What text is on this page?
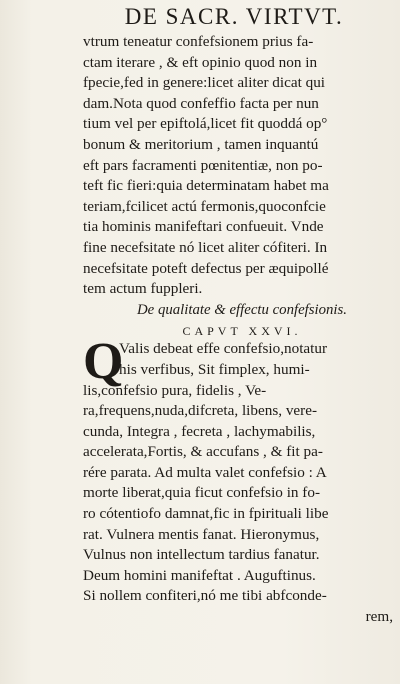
DE SACR. VIRTVT.
vtrum teneatur confefsionem prius fa-
ctam iterare , & eft opinio quod non in
fpecie,fed in genere:licet aliter dicat qui
dam.Nota quod confeffio facta per nun
tium vel per epiftolá,licet fit quoddá op°
bonum & meritorium , tamen inquantú
eft pars facramenti pœnitentiæ, non po-
teft fic fieri:quia determinatam habet ma
teriam,fcilicet actú fermonis,quoconfcie
tia hominis manifeftari confueuit. Vnde
fine necefsitate nó licet aliter cófiteri. In
necefsitate poteft defectus per æquipollé
tem actum fuppleri.
De qualitate & effectu confefsionis.
CAPVT XXVI.
Q
Valis debeat effe confefsio,notatur
his verfibus, Sit fimplex, humi-
lis,confefsio pura, fidelis , Ve-
ra,frequens,nuda,difcreta, libens, vere-
cunda, Integra , fecreta , lachymabilis,
accelerata,Fortis, & accufans , & fit pa-
rére parata. Ad multa valet confefsio : A
morte liberat,quia ficut confefsio in fo-
ro cótentiofo damnat,fic in fpirituali libe
rat. Vulnera mentis fanat. Hieronymus,
Vulnus non intellectum tardius fanatur.
Deum homini manifeftat . Auguftinus.
Si nollem confiteri,nó me tibi abfconde-
rem,
